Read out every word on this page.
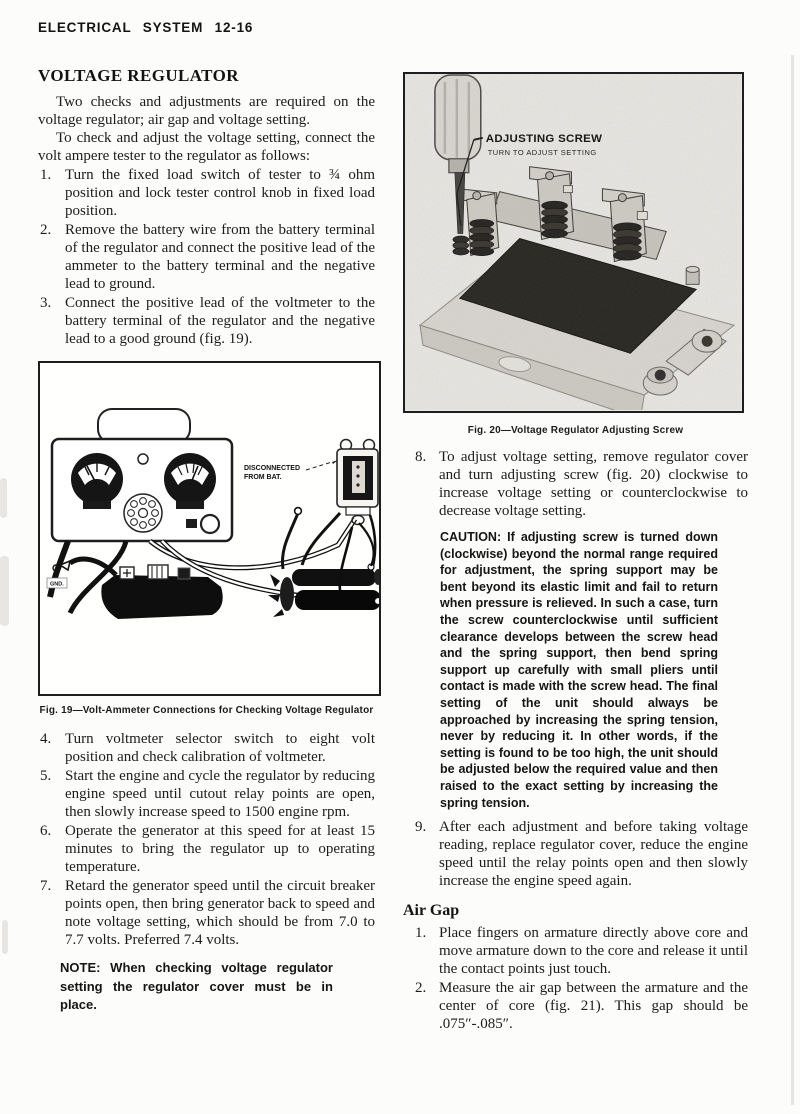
ELECTRICAL SYSTEM 12-16
VOLTAGE REGULATOR

Two checks and adjustments are required on the voltage regulator; air gap and voltage setting.

To check and adjust the voltage setting, connect the volt ampere tester to the regulator as follows:

1. Turn the fixed load switch of tester to ¾ ohm position and lock tester control knob in fixed load position.
2. Remove the battery wire from the battery terminal of the regulator and connect the positive lead of the ammeter to the battery terminal and the negative lead to ground.
3. Connect the positive lead of the voltmeter to the battery terminal of the regulator and the negative lead to a good ground (fig. 19).
DISCONNECTED
FROM BAT.
GND.
Fig. 19—Volt-Ammeter Connections for Checking Voltage Regulator
4. Turn voltmeter selector switch to eight volt position and check calibration of voltmeter.
5. Start the engine and cycle the regulator by reducing engine speed until cutout relay points are open, then slowly increase speed to 1500 engine rpm.
6. Operate the generator at this speed for at least 15 minutes to bring the regulator up to operating temperature.
7. Retard the generator speed until the circuit breaker points open, then bring generator back to speed and note voltage setting, which should be from 7.0 to 7.7 volts. Preferred 7.4 volts.
NOTE: When checking voltage regulator setting the regulator cover must be in place.
Fig. 20—Voltage Regulator Adjusting Screw
8. To adjust voltage setting, remove regulator cover and turn adjusting screw (fig. 20) clockwise to increase voltage setting or counterclockwise to decrease voltage setting.
CAUTION: If adjusting screw is turned down (clockwise) beyond the normal range required for adjustment, the spring support may be bent beyond its elastic limit and fail to return when pressure is relieved. In such a case, turn the screw counterclockwise until sufficient clearance develops between the screw head and the spring support, then bend spring support up carefully with small pliers until contact is made with the screw head. The final setting of the unit should always be approached by increasing the spring tension, never by reducing it. In other words, if the setting is found to be too high, the unit should be adjusted below the required value and then raised to the exact setting by increasing the spring tension.
9. After each adjustment and before taking voltage reading, replace regulator cover, reduce the engine speed until the relay points open and then slowly increase the engine speed again.
Air Gap
1. Place fingers on armature directly above core and move armature down to the core and release it until the contact points just touch.
2. Measure the air gap between the armature and the center of core (fig. 21). This gap should be .075″-.085″.
